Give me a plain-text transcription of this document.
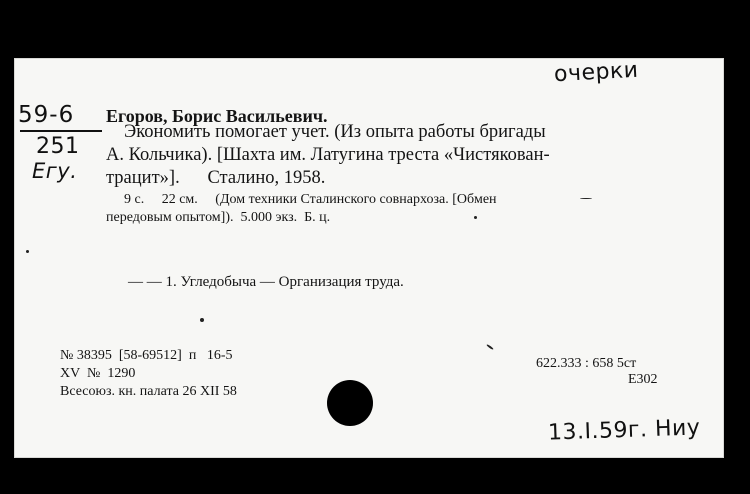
очерки
59-6
251
Егу.
Егоров, Борис Васильевич.
Экономить помогает учет. (Из опыта работы бригады
А. Кольчика). [Шахта им. Латугина треста «Чистякован-
трацит»].      Сталино, 1958.
9 с.     22 см.     (Дом техники Сталинского совнархоза. [Обмен
передовым опытом]).  5.000 экз.  Б. ц.
— — 1. Угледобыча — Организация труда.
№ 38395  [58-69512]  п   16-5
XV  №  1290
Всесоюз. кн. палата 26 XII 58
622.333 : 658 5ст
Е302
13.I.59г. Ниу
